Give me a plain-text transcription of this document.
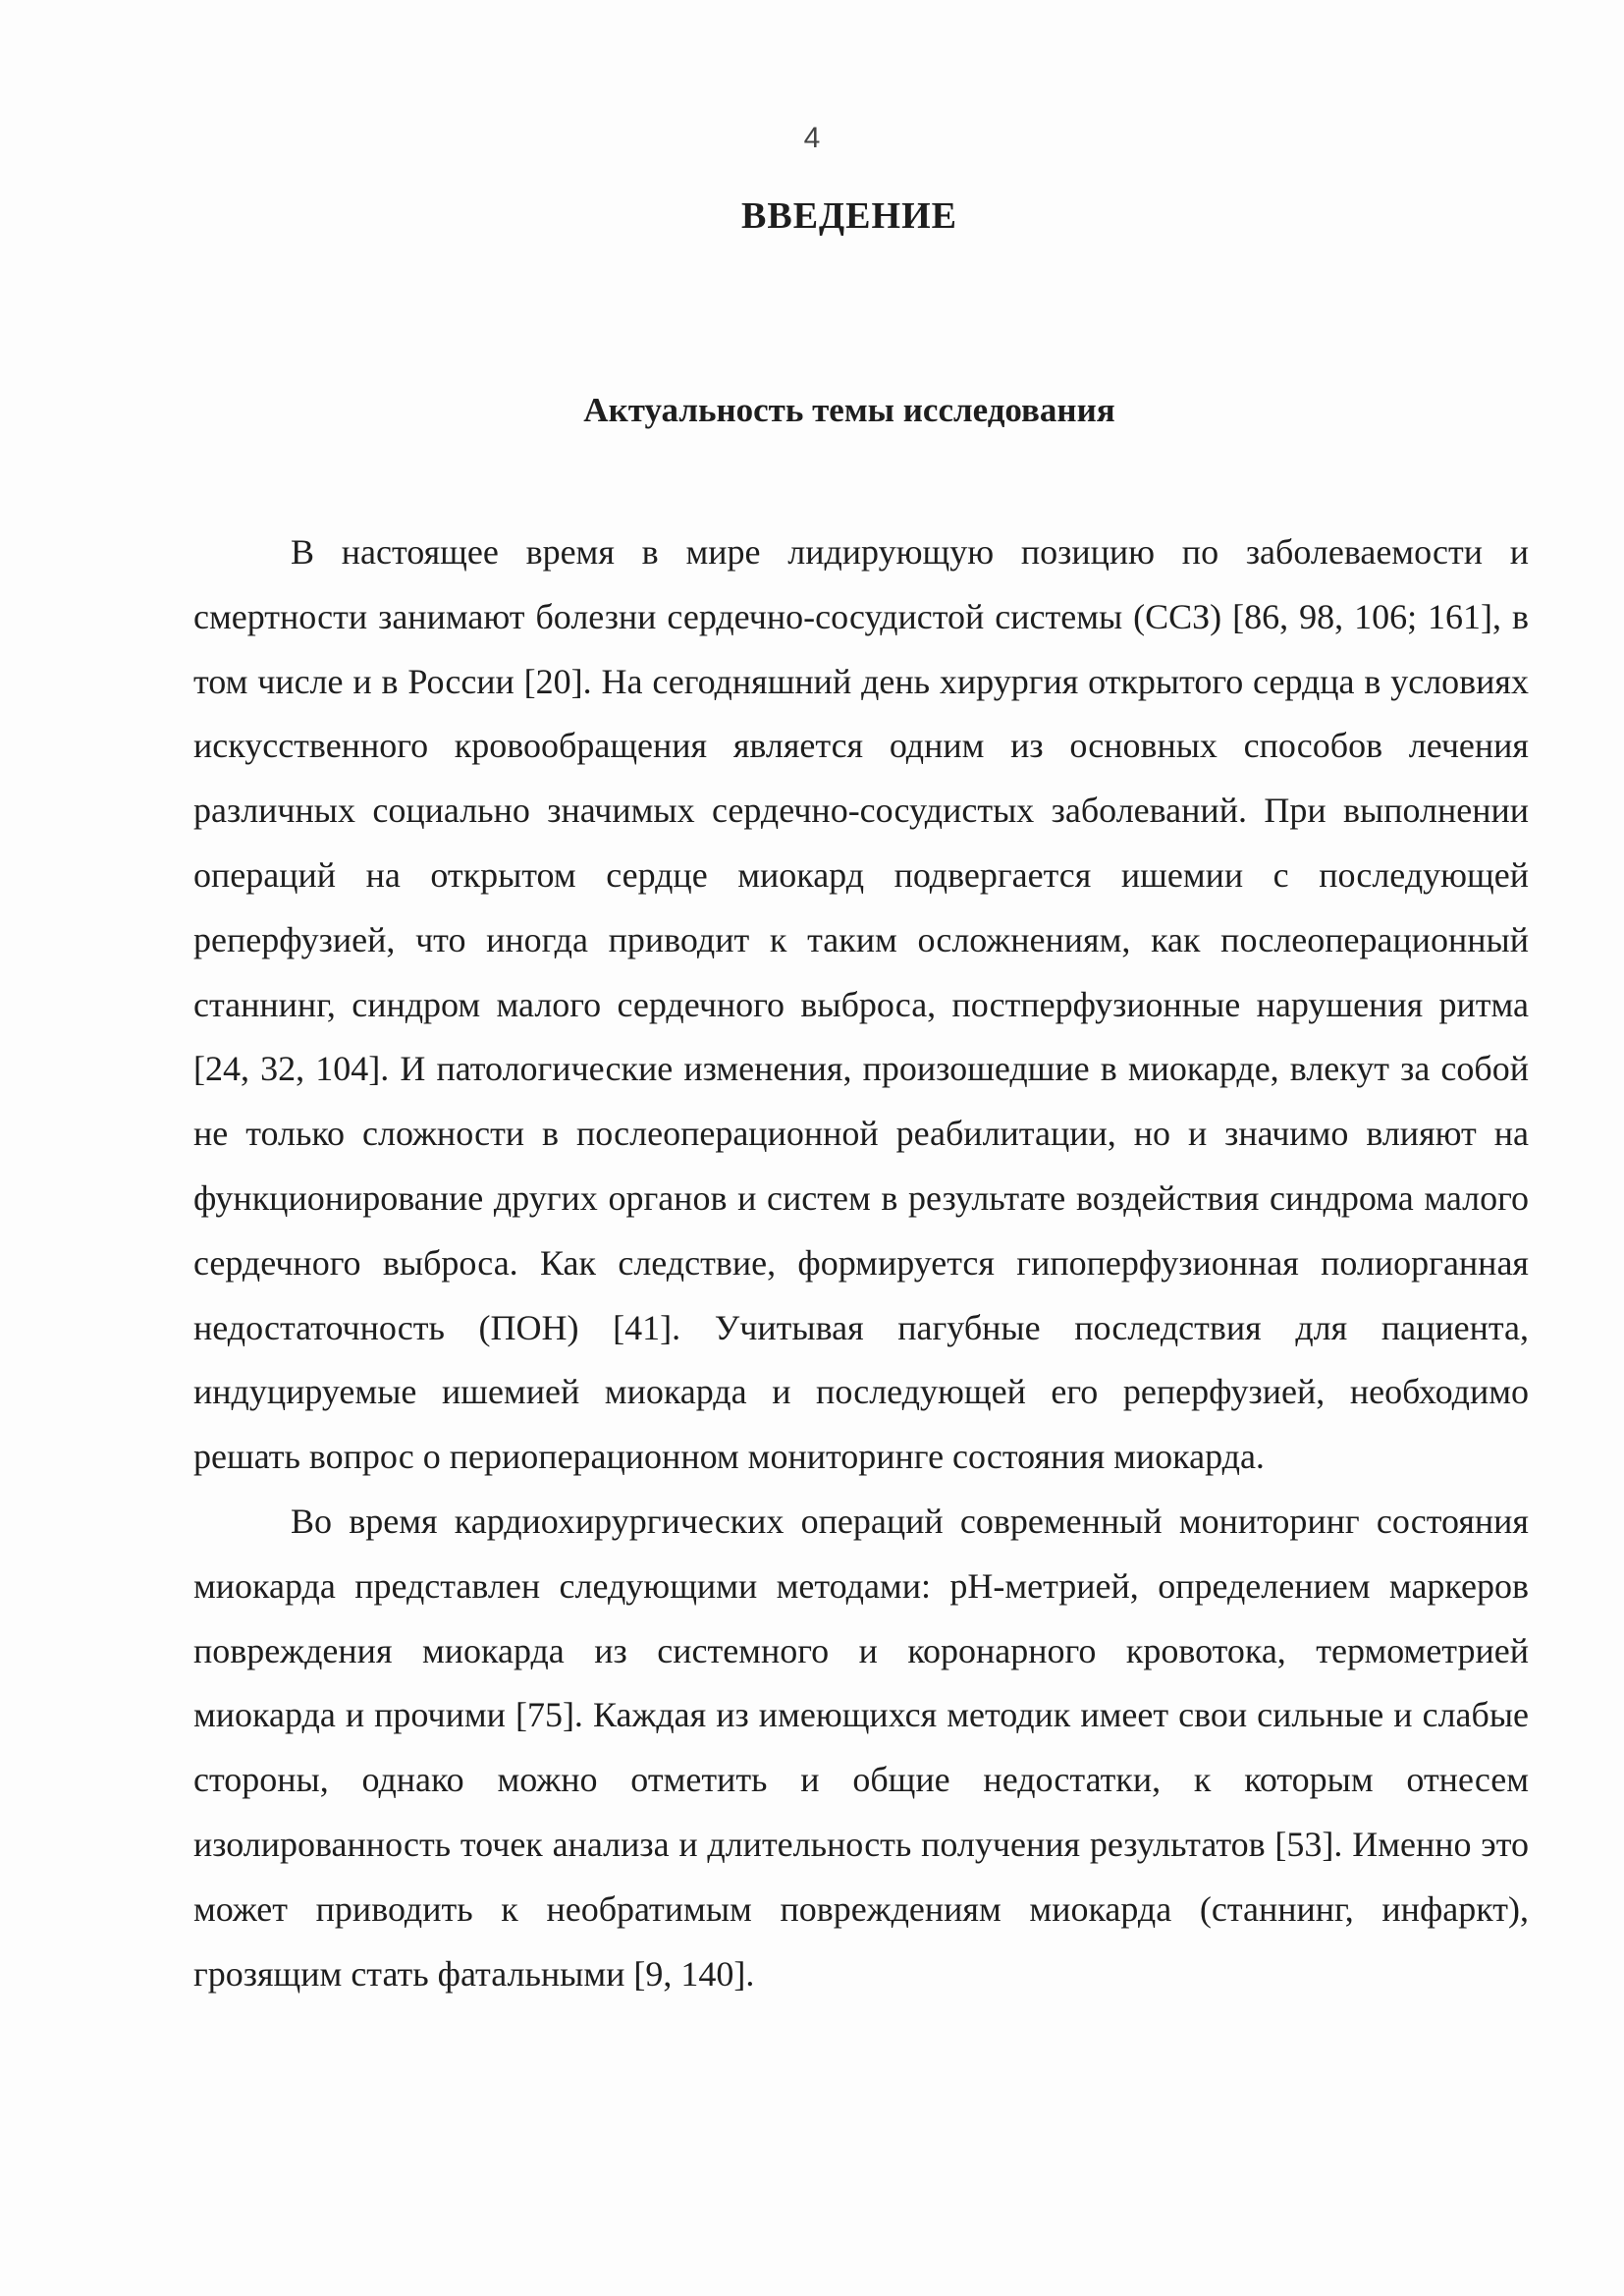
4
ВВЕДЕНИЕ
Актуальность темы исследования

В настоящее время в мире лидирующую позицию по заболеваемости и смертности занимают болезни сердечно-сосудистой системы (ССЗ) [86, 98, 106; 161], в том числе и в России [20]. На сегодняшний день хирургия открытого сердца в условиях искусственного кровообращения является одним из основных способов лечения различных социально значимых сердечно-сосудистых заболеваний. При выполнении операций на открытом сердце миокард подвергается ишемии с последующей реперфузией, что иногда приводит к таким осложнениям, как послеоперационный станнинг, синдром малого сердечного выброса, постперфузионные нарушения ритма [24, 32, 104]. И патологические изменения, произошедшие в миокарде, влекут за собой не только сложности в послеоперационной реабилитации, но и значимо влияют на функционирование других органов и систем в результате воздействия синдрома малого сердечного выброса. Как следствие, формируется гипоперфузионная полиорганная недостаточность (ПОН) [41]. Учитывая пагубные последствия для пациента, индуцируемые ишемией миокарда и последующей его реперфузией, необходимо решать вопрос о периоперационном мониторинге состояния миокарда.

Во время кардиохирургических операций современный мониторинг состояния миокарда представлен следующими методами: pH-метрией, определением маркеров повреждения миокарда из системного и коронарного кровотока, термометрией миокарда и прочими [75]. Каждая из имеющихся методик имеет свои сильные и слабые стороны, однако можно отметить и общие недостатки, к которым отнесем изолированность точек анализа и длительность получения результатов [53]. Именно это может приводить к необратимым повреждениям миокарда (станнинг, инфаркт), грозящим стать фатальными [9, 140].
